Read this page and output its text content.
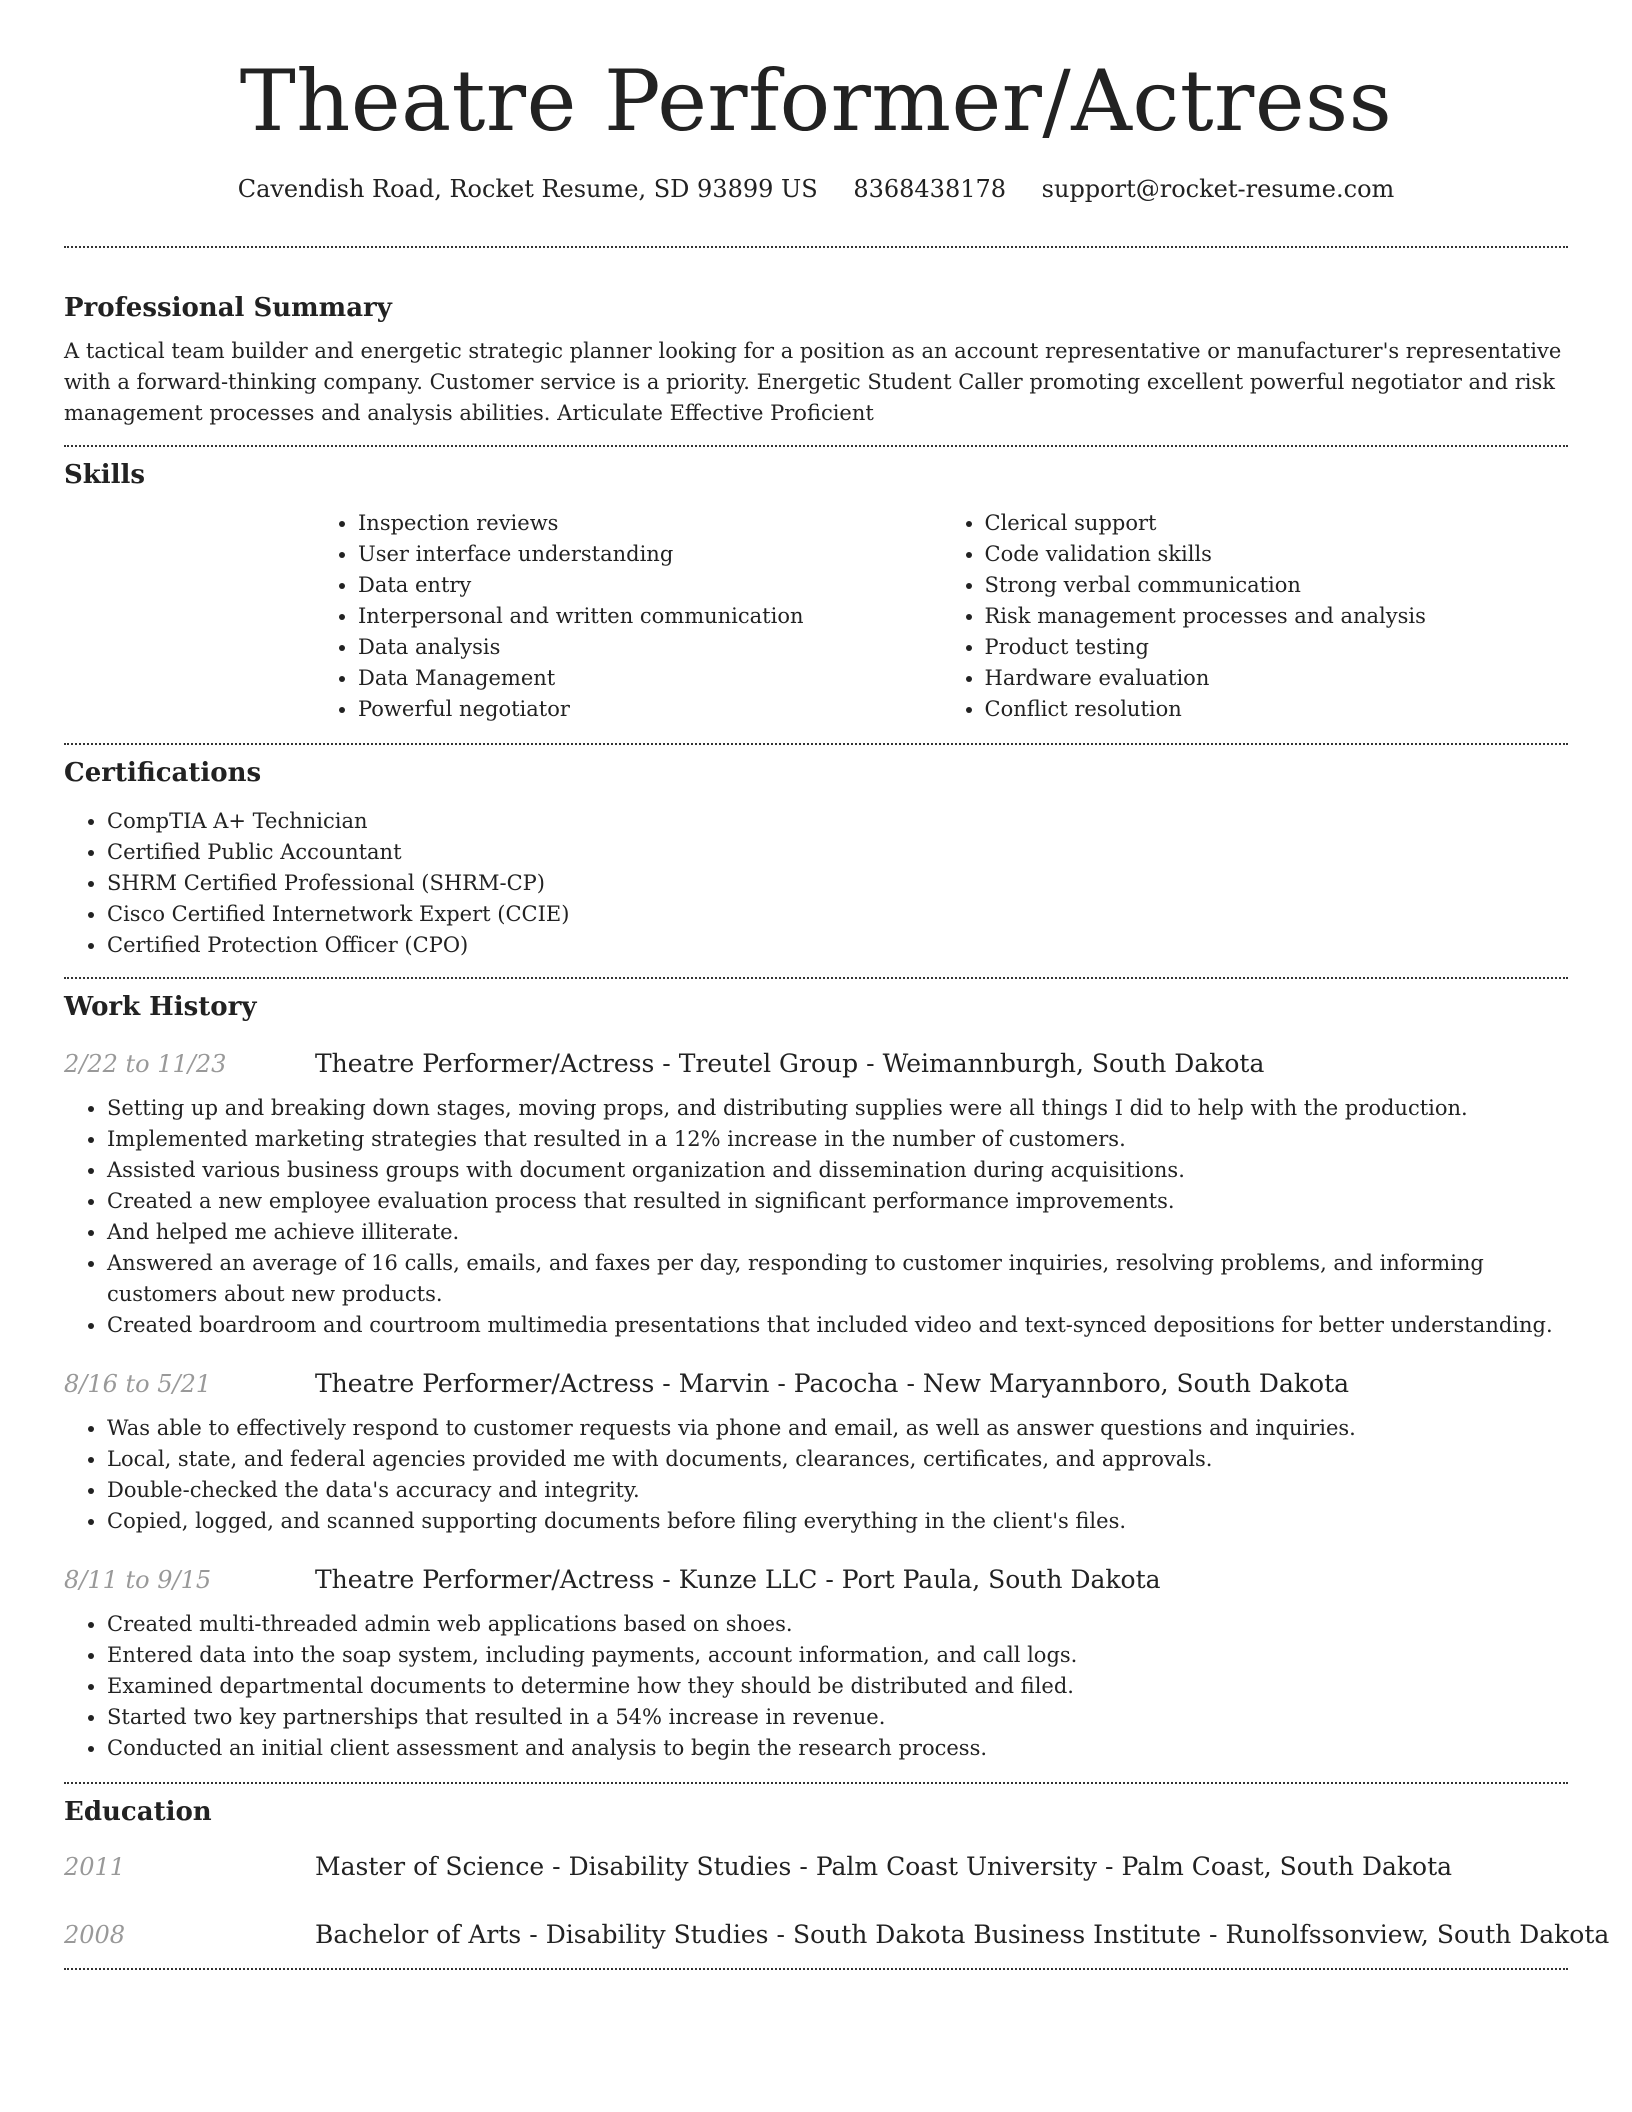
Theatre Performer/Actress
Cavendish Road, Rocket Resume, SD 93899 US 8368438178 support@rocket-resume.com
Professional Summary

A tactical team builder and energetic strategic planner looking for a position as an account representative or manufacturer's representative with a forward-thinking company. Customer service is a priority. Energetic Student Caller promoting excellent powerful negotiator and risk management processes and analysis abilities. Articulate Effective Proficient

Skills
• Inspection reviews
• User interface understanding
• Data entry
• Interpersonal and written communication
• Data analysis
• Data Management
• Powerful negotiator
• Clerical support
• Code validation skills
• Strong verbal communication
• Risk management processes and analysis
• Product testing
• Hardware evaluation
• Conflict resolution
Certifications
• CompTIA A+ Technician
• Certified Public Accountant
• SHRM Certified Professional (SHRM-CP)
• Cisco Certified Internetwork Expert (CCIE)
• Certified Protection Officer (CPO)
Work History
2/22 to 11/23	Theatre Performer/Actress - Treutel Group - Weimannburgh, South Dakota
• Setting up and breaking down stages, moving props, and distributing supplies were all things I did to help with the production.
• Implemented marketing strategies that resulted in a 12% increase in the number of customers.
• Assisted various business groups with document organization and dissemination during acquisitions.
• Created a new employee evaluation process that resulted in significant performance improvements.
• And helped me achieve illiterate.
• Answered an average of 16 calls, emails, and faxes per day, responding to customer inquiries, resolving problems, and informing customers about new products.
• Created boardroom and courtroom multimedia presentations that included video and text-synced depositions for better understanding.
8/16 to 5/21	Theatre Performer/Actress - Marvin - Pacocha - New Maryannboro, South Dakota
• Was able to effectively respond to customer requests via phone and email, as well as answer questions and inquiries.
• Local, state, and federal agencies provided me with documents, clearances, certificates, and approvals.
• Double-checked the data's accuracy and integrity.
• Copied, logged, and scanned supporting documents before filing everything in the client's files.
8/11 to 9/15	Theatre Performer/Actress - Kunze LLC - Port Paula, South Dakota
• Created multi-threaded admin web applications based on shoes.
• Entered data into the soap system, including payments, account information, and call logs.
• Examined departmental documents to determine how they should be distributed and filed.
• Started two key partnerships that resulted in a 54% increase in revenue.
• Conducted an initial client assessment and analysis to begin the research process.
Education
2011	Master of Science - Disability Studies - Palm Coast University - Palm Coast, South Dakota
2008	Bachelor of Arts - Disability Studies - South Dakota Business Institute - Runolfssonview, South Dakota
